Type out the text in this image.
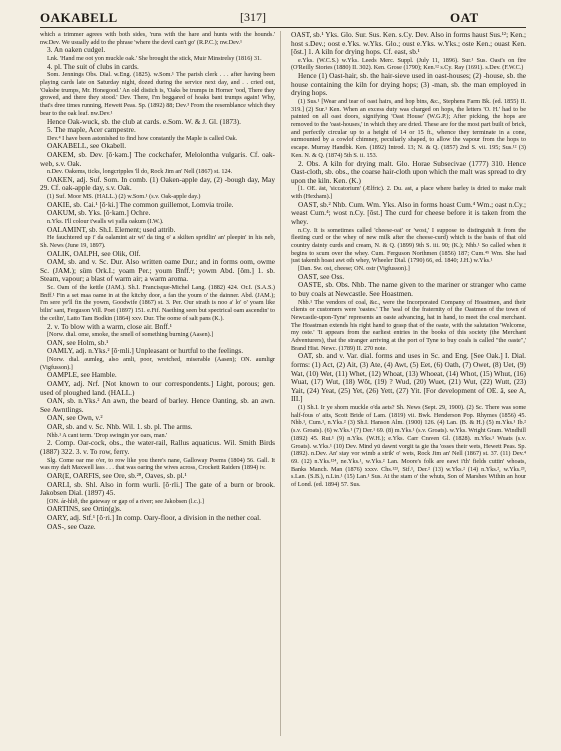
OAKABELL	[317]	OAT

which a trimmer agrees with both sides, 'runs with the hare and hunts with the hounds.' nw.Dev. We usually add to the phrase 'where the devil can't go' (R.P.C.); nw.Dev.¹

3. An oaken cudgel.

Lnk. 'Hand me oot yon muckle oak.' She brought the stick, Muir Minstrelsy (1816) 31.

4. pl. The suit of clubs in cards.

Som. Jennings Obs. Dial. w.Eng. (1825). w.Som.¹ The parish clerk . . . after having been playing cards late on Saturday night, dozed during the service next day, and . . cried out, 'Oaksbe trumps, Mr. Honegood.' An old distich is, 'Oaks be trumps in Horner 'ood, There they growed, and there they stood.' Dev. There, I'm beggared of hoaks bant trumps again! Why, that's dree times running, Hewett Peas. Sp. (1892) 88; Dev.³ From the resemblance which they bear to the oak leaf. nw.Dev.¹

Hence Oak-wuck, sb. the club at cards. e.Som. W. & J. Gl. (1873).

5. The maple, Acer campestre.

Dev.⁴ I have been astonished to find how constantly the Maple is called Oak.

OAKABELL, see Okabell.

OAKEM, sb. Dev. [ō·kəm.] The cockchafer, Melolontha vulgaris. Cf. oak-web, s.v. Oak.

n.Dev. Oakems, ticks, longcripples 'll do, Rock Jim an' Nell (1867) st. 124.

OAKEN, adj. Suf. Som. In comb. (1) Oaken-apple day, (2) -bough day, May 29. Cf. oak-apple day, s.v. Oak.

(1) Suf. Moor MS. (HALL.) (2) w.Som.¹ (s.v. Oak-apple day.)

OAKIE, sb. Cai.¹ [ō·ki.] The common guillemot, Lomvia troile.

OAKUM, sb. Yks. [ō·kam.] Ochre.

n.Yks. I'll colour t'walls wi yalla oakum (I.W.).

OALAMINT, sb. Sh.I. Element; used attrib.

He fauchtered up i' da oalamint air wi' da ting o' a skilten spridlin' an' pleepin' in his neb, Sh. News (June 19, 1897).

OALIK, OALPH, see Olik, Olf.

OAM, sb. and v. Sc. Dur. Also written oame Dur.; and in forms oom, owme Sc. (JAM.); süm Ork.I.; yoam Per.; youm Bnff.¹; yowm Abd. [ōm.] 1. sb. Steam, vapour; a blast of warm air; a warm aroma.

Sc. Oam of the kettle (JAM.). Sh.I. Francisque-Michel Lang. (1882) 424. Or.I. (S.A.S.) Bnff.¹ Fin a set maa oame in at the kitchy door, a fan the youm o' the dainner. Abd. (JAM.); I'm sere ye'll fin the yowm, Goodwife (1867) st. 3. Per. Our strath is noo a' lo' o' yoam like bilin' sant, Ferguson Vill. Poet (1897) 151. e.Fif. Naething seen but spectrical oam ascendin' to the ceilin', Latto Tam Bodkin (1864) xxv. Dur. The oome of salt pans (K.).

2. v. To blow with a warm, close air. Bnff.¹

[Norw. dial. ome, smoke, the smell of something burning (Aasen).]

OAN, see Holm, sb.¹

OAMLY, adj. n.Yks.² [ō·mli.] Unpleasant or hurtful to the feelings.

[Norw. dial. aumleg, also amli, poor, wretched, miserable (Aasen); ON. aumligr (Vigfusson).]

OAMPLE, see Hamble.

OAMY, adj. Nrf. [Not known to our correspondents.] Light, porous; gen. used of ploughed land. (HALL.)

OAN, sb. n.Yks.² An awn, the beard of barley. Hence Oanting, sb. an awn. See Awntlings.

OAN, see Own, v.²

OAR, sb. and v. Sc. Nhb. Wil. 1. sb. pl. The arms.

Nhb.¹ A cant term. 'Drop swingin yor oars, man.'

2. Comp. Oar-cock, obs., the water-rail, Rallus aquaticus. Wil. Smith Birds (1887) 322. 3. v. To row, ferry.

Slg. Come oar me o'er, to row like you there's nane, Galloway Poems (1804) 56. Gall. It was my daft Maxwell lass . . . that was oaring the wives across, Crockett Raiders (1894) iv.

OAR(E, OARFIS, see Ore, sb.²⁸, Oaves, sb. pl.¹

OARLI, sb. Shl. Also in form wurli. [ō·rli.] The gate of a burn or brook. Jakobsen Dial. (1897) 45.

[ON. ár-hlið, the gateway or gap of a river; see Jakobsen (l.c.).]

OARTINS, see Ortin(g)s.

OARY, adj. Stf.¹ [ō·ri.] In comp. Oary-floor, a division in the nether coal.

OAS-, see Oaze.

OAST, sb.¹ Yks. Glo. Sur. Sus. Ken. s.Cy. Dev. Also in forms haust Sus.¹²; Ken.; host s.Dev.; oost e.Yks. w.Yks. Glo.; oust e.Yks. w.Yks.; oste Ken.; ouast Ken. [ōst.] 1. A kiln for drying hops. Cf. east, sb.¹

e.Yks. (W.C.S.) w.Yks. Leeds Merc. Suppl. (July 11, 1896). Sur.¹ Sus. Oast's on fire (O'Reilly Stories (1880) II. 302). Ken. Grose (1790); Ken.¹² s.Cy. Ray (1691). s.Dev. (F.W.C.)

Hence (1) Oast-hair, sb. the hair-sieve used in oast-houses; (2) -house, sb. the house containing the kiln for drying hops; (3) -man, sb. the man employed in drying hops.

(1) Sus.¹ [Wear and tear of oast hairs, and hop bins, &c., Stephens Farm Bk. (ed. 1855) II. 319.] (2) Sur.¹ Ken. When an excess duty was charged on hops, the letters 'O. H.' had to be painted on all oast doors, signifying 'Oast House' (W.G.P.); After picking, the hops are removed to the 'oast-houses,' in which they are dried. These are for the most part built of brick, and perfectly circular up to a height of 14 or 15 ft., whence they terminate in a cone, surmounted by a cowlof chimney, peculiarly shaped, to allow the vapour from the hops to escape. Murray Handbk. Ken. (1892) Introd. 13; N. & Q. (1857) 2nd S. vii. 195; Sus.¹² (3) Ken. N. & Q. (1874) 5th S. ii. 153.

2. Obs. A kiln for drying malt. Glo. Horae Subsecivae (1777) 310. Hence Oast-cloth, sb. obs., the coarse hair-cloth upon which the malt was spread to dry upon the kiln. Ken. (K.)

[1. OE. āst, 'siccatorium' (Ælfric). 2. Du. ast, a place where barley is dried to make malt with (Hexham).]

OAST, sb.² Nhb. Cum. Wm. Yks. Also in forms hoast Cum.⁴ Wm.; oast n.Cy.; weast Cum.⁴; wost n.Cy. [ōst.] The curd for cheese before it is taken from the whey.

n.Cy. It is sometimes called 'cheese-oat' or 'wost,' I suppose to distinguish it from the fleeting curd or the whey of new milk after the cheese-curd) which is the basis of that old country dainty curds and cream, N. & Q. (1899) 9th S. iii. 90; (K.); Nhb.¹ So called when it begins to scum over the whey. Cum. Ferguson Northmen (1856) 187; Cum.⁴⁵ Wm. She had just takenth hoast awt oth whey, Wheeler Dial. (1790) 66, ed. 1840; J.H.) w.Yks.¹

[Dan. Sw. ost, cheese; ON. ostr (Vigfusson).]

OAST, see Oss.

OASTE, sb. Obs. Nhb. The name given to the mariner or stranger who came to buy coals at Newcastle. See Hoastmen.

Nhb.¹ The vendors of coal, &c., were the Incorporated Company of Hoastmen, and their clients or customers were 'oastes.' The 'seal of the fraternity of the Oastmen of the town of Newcastle-upon-Tyne' represents an oaste advancing, hat in hand, to meet the coal merchant. The Hoastman extends his right hand to grasp that of the oaste, with the salutation 'Welcome, my oste.' 'It appears from the earliest entries in the books of this society (the Merchant Adventurers), that the stranger arriving at the port of Tyne to buy coals is called "the oaste",' Brand Hist. Newc. (1789) II. 270 note.

OAT, sb. and v. Var. dial. forms and uses in Sc. and Eng. [See Oak.] I. Dial. forms: (1) Act, (2) Ait, (3) Ate, (4) Awt, (5) Eet, (6) Oath, (7) Owet, (8) Uet, (9) Wat, (10) Wet, (11) Whet, (12) Whoat, (13) Whoeat, (14) Whot, (15) Whut, (16) Wuat, (17) Wut, (18) Wŏt, (19) ? Wud, (20) Wuet, (21) Wut, (22) Wutt, (23) Yait, (24) Yeat, (25) Yet, (26) Yett, (27) Yit. [For development of OE. ā, see A, III.]

(1) Sh.I. Ir ye shorn muckle o'da aets? Sh. News (Sept. 29, 1900). (2) Sc. There was some half-fous o' aits, Scott Bride of Lam. (1819) vii. Bwk. Henderson Pop. Rhymes (1856) 45. Nhb.¹, Cum.¹, n.Yks.² (3) Sh.I. Hanson Alm. (1900) 126. (4) Lan. (B. & H.) (5) m.Yks.¹ Ib.² (s.v. Groats). (6) w.Yks.¹ (7) Der.¹ 69. (8) m.Yks.¹ (s.v. Groats). w.Yks. Wright Gram. Windhill (1892) 45. Rut.¹ (9) n.Yks. (W.H.); e.Yks. Carr Craven Gl. (1828). m.Yks.¹ Wuats (s.v. Groats). w.Yks.¹ (10) Dev. Mind yü dawnt vorgit ta gie tha 'osses their wets, Hewett Peas. Sp. (1892). n.Dev. An' stay vor wimb a strik' o' wets, Rock Jim an' Nell (1867) st. 37. (11) Dev.⁴ 69. (12) n.Yks.¹²⁴, ne.Yks.¹, w.Yks.² Lan. Moore's folk are eawt i'th' fields cuttin' whoats, Banks Manch. Man (1876) xxxv. Chs.¹²³, Stf.¹, Der.² (13) w.Yks.² (14) n.Yks.², w.Yks.²³, s.Lan. (S.B.), n.Lin.¹ (15) Lan.¹ Sus. At the stam o' the whuts, Son of Marshes Within an hour of Lond. (ed. 1894) 57. Sus.
